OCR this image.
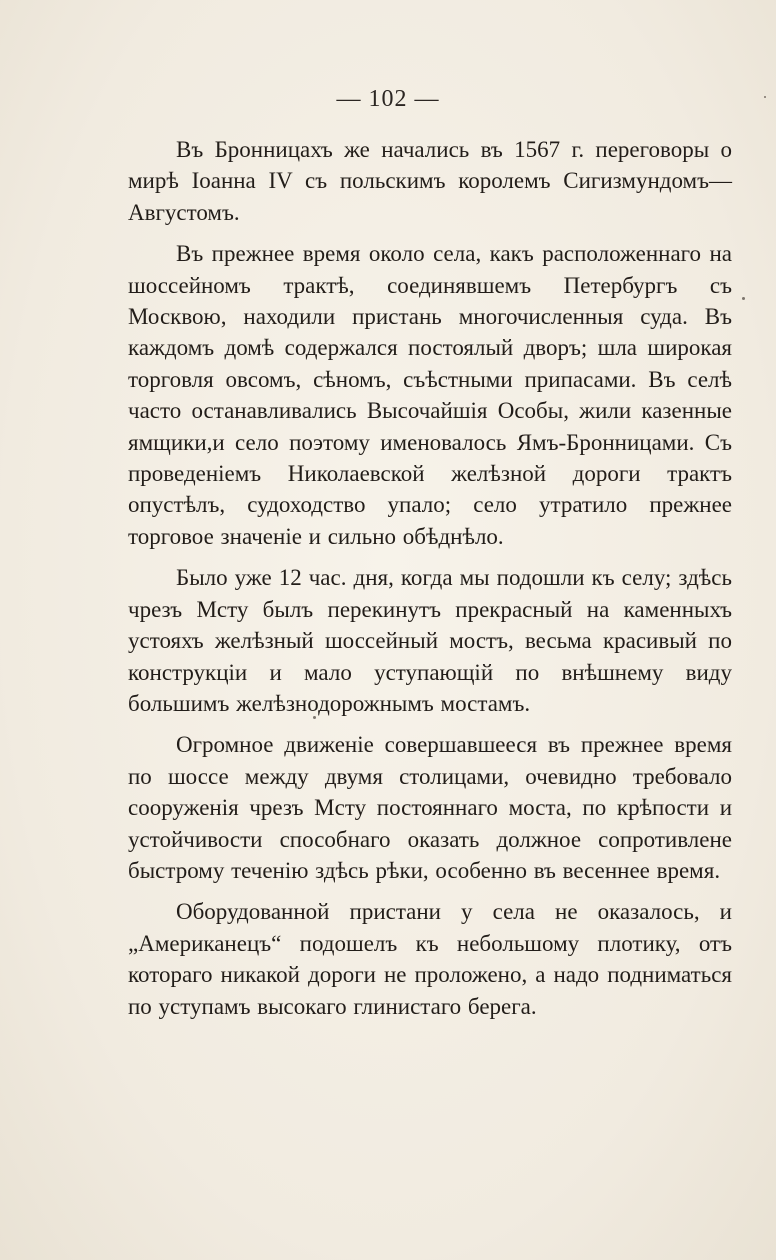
— 102 —

Въ Бронницахъ же начались въ 1567 г. переговоры о мирѣ Іоанна IV съ польскимъ королемъ Сигизмундомъ—Августомъ.

Въ прежнее время около села, какъ расположеннаго на шоссейномъ трактѣ, соединявшемъ Петербургъ съ Москвою, находили пристань многочисленныя суда. Въ каждомъ домѣ содержался постоялый дворъ; шла широкая торговля овсомъ, сѣномъ, съѣстными припасами. Въ селѣ часто останавливались Высочайшія Особы, жили казенные ямщики,и село поэтому именовалось Ямъ-Бронницами. Съ проведеніемъ Николаевской желѣзной дороги трактъ опустѣлъ, судоходство упало; село утратило прежнее торговое значеніе и сильно обѣднѣло.

Было уже 12 час. дня, когда мы подошли къ селу; здѣсь чрезъ Мсту былъ перекинутъ прекрасный на каменныхъ устояхъ желѣзный шоссейный мостъ, весьма красивый по конструкціи и мало уступающій по внѣшнему виду большимъ желѣзнодорожнымъ мостамъ.

Огромное движеніе совершавшееся въ прежнее время по шоссе между двумя столицами, очевидно требовало сооруженія чрезъ Мсту постояннаго моста, по крѣпости и устойчивости способнаго оказать должное сопротивлене быстрому теченію здѣсь рѣки, особенно въ весеннее время.

Оборудованной пристани у села не оказалось, и „Американецъ“ подошелъ къ небольшому плотику, отъ котораго никакой дороги не проложено, а надо подниматься по уступамъ высокаго глинистаго берега.
